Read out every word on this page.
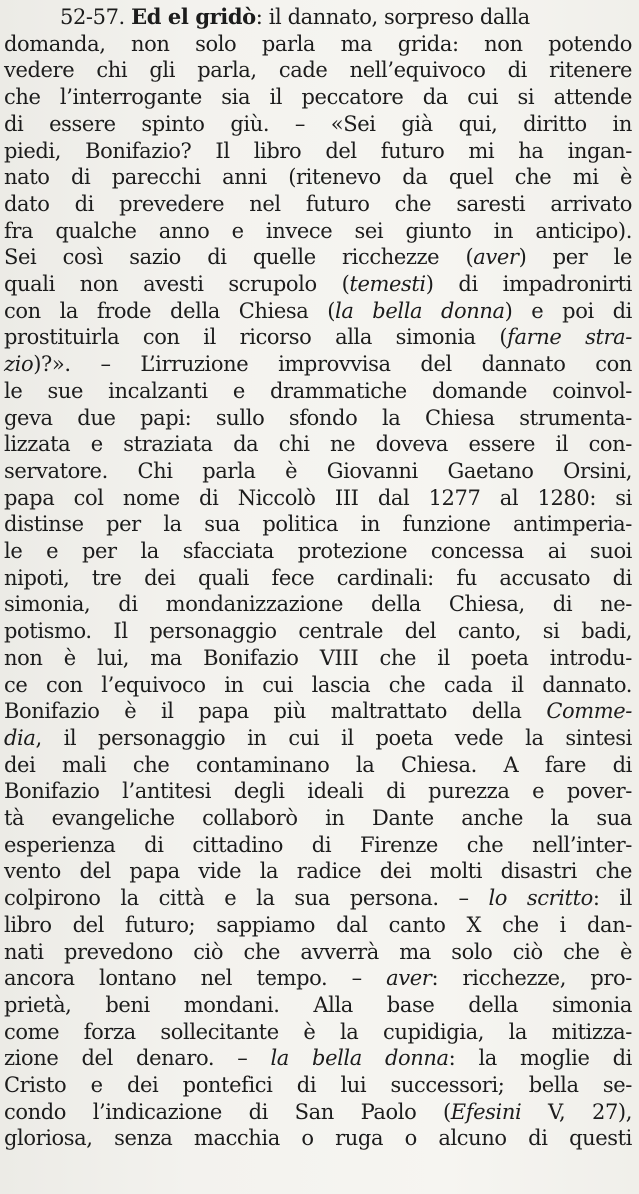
52-57. Ed el gridò: il dannato, sorpreso dalla
domanda, non solo parla ma grida: non potendo
vedere chi gli parla, cade nell’equivoco di ritenere
che l’interrogante sia il peccatore da cui si attende
di essere spinto giù. – «Sei già qui, diritto in
piedi, Bonifazio? Il libro del futuro mi ha ingan-
nato di parecchi anni (ritenevo da quel che mi è
dato di prevedere nel futuro che saresti arrivato
fra qualche anno e invece sei giunto in anticipo).
Sei così sazio di quelle ricchezze (aver) per le
quali non avesti scrupolo (temesti) di impadronirti
con la frode della Chiesa (la bella donna) e poi di
prostituirla con il ricorso alla simonia (farne stra-
zio)?». – L’irruzione improvvisa del dannato con
le sue incalzanti e drammatiche domande coinvol-
geva due papi: sullo sfondo la Chiesa strumenta-
lizzata e straziata da chi ne doveva essere il con-
servatore. Chi parla è Giovanni Gaetano Orsini,
papa col nome di Niccolò III dal 1277 al 1280: si
distinse per la sua politica in funzione antimperia-
le e per la sfacciata protezione concessa ai suoi
nipoti, tre dei quali fece cardinali: fu accusato di
simonia, di mondanizzazione della Chiesa, di ne-
potismo. Il personaggio centrale del canto, si badi,
non è lui, ma Bonifazio VIII che il poeta introdu-
ce con l’equivoco in cui lascia che cada il dannato.
Bonifazio è il papa più maltrattato della Comme-
dia, il personaggio in cui il poeta vede la sintesi
dei mali che contaminano la Chiesa. A fare di
Bonifazio l’antitesi degli ideali di purezza e pover-
tà evangeliche collaborò in Dante anche la sua
esperienza di cittadino di Firenze che nell’inter-
vento del papa vide la radice dei molti disastri che
colpirono la città e la sua persona. – lo scritto: il
libro del futuro; sappiamo dal canto X che i dan-
nati prevedono ciò che avverrà ma solo ciò che è
ancora lontano nel tempo. – aver: ricchezze, pro-
prietà, beni mondani. Alla base della simonia
come forza sollecitante è la cupidigia, la mitizza-
zione del denaro. – la bella donna: la moglie di
Cristo e dei pontefici di lui successori; bella se-
condo l’indicazione di San Paolo (Efesini V, 27),
gloriosa, senza macchia o ruga o alcuno di questi
